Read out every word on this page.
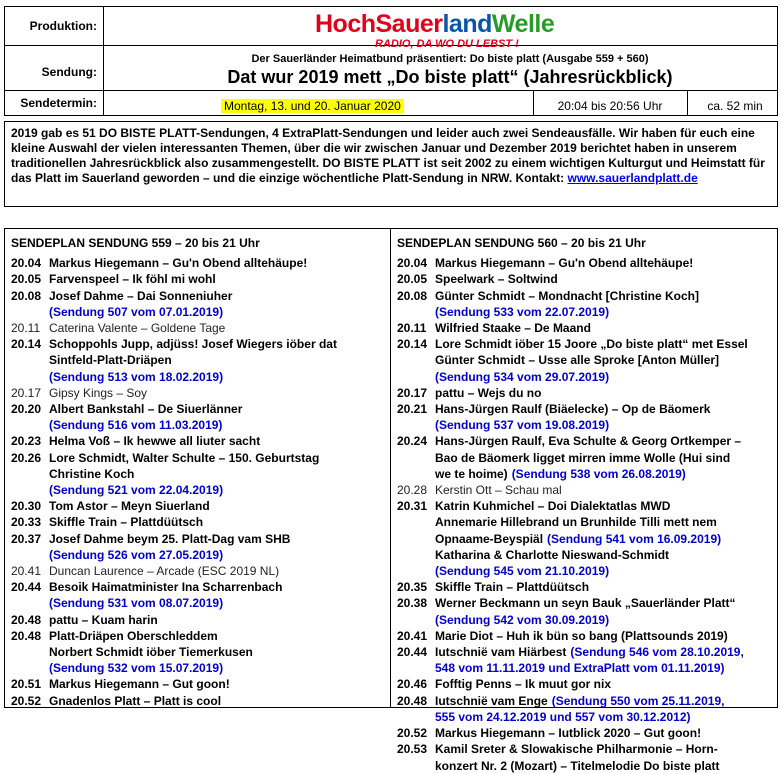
Produktion:
Sendung:
Sendetermin:
HochSauerlandWelle
RADIO, DA WO DU LEBST !
Der Sauerländer Heimatbund präsentiert: Do biste platt (Ausgabe 559 + 560)
Dat wur 2019 mett „Do biste platt“ (Jahresrückblick)
Montag, 13. und 20. Januar 2020	20:04 bis 20:56 Uhr	ca. 52 min
2019 gab es 51 DO BISTE PLATT-Sendungen, 4 ExtraPlatt-Sendungen und leider auch zwei Sendeausfälle. Wir haben für euch eine kleine Auswahl der vielen interessanten Themen, über die wir zwischen Januar und Dezember 2019 berichtet haben in unserem traditionellen Jahresrückblick also zusammengestellt. DO BISTE PLATT ist seit 2002 zu einem wichtigen Kulturgut und Heimstatt für das Platt im Sauerland geworden – und die einzige wöchentliche Platt-Sendung in NRW. Kontakt: www.sauerlandplatt.de
SENDEPLAN SENDUNG 559 – 20 bis 21 Uhr
20.04 Markus Hiegemann – Gu'n Obend alltehäupe!
20.05 Farvenspeel – Ik föhl mi wohl
20.08 Josef Dahme – Dai Sonneniuher
(Sendung 507 vom 07.01.2019)
20.11 Caterina Valente – Goldene Tage
20.14 Schoppohls Jupp, adjüss! Josef Wiegers iöber dat
Sintfeld-Platt-Driäpen
(Sendung 513 vom 18.02.2019)
20.17 Gipsy Kings – Soy
20.20 Albert Bankstahl – De Siuerlänner
(Sendung 516 vom 11.03.2019)
20.23 Helma Voß – Ik hewwe all liuter sacht
20.26 Lore Schmidt, Walter Schulte – 150. Geburtstag
Christine Koch
(Sendung 521 vom 22.04.2019)
20.30 Tom Astor – Meyn Siuerland
20.33 Skiffle Train – Plattdüütsch
20.37 Josef Dahme beym 25. Platt-Dag vam SHB
(Sendung 526 vom 27.05.2019)
20.41 Duncan Laurence – Arcade (ESC 2019 NL)
20.44 Besoik Haimatminister Ina Scharrenbach
(Sendung 531 vom 08.07.2019)
20.48 pattu – Kuam harin
20.48 Platt-Driäpen Oberschleddem
Norbert Schmidt iöber Tiemerkusen
(Sendung 532 vom 15.07.2019)
20.51 Markus Hiegemann – Gut goon!
20.52 Gnadenlos Platt – Platt is cool
SENDEPLAN SENDUNG 560 – 20 bis 21 Uhr
20.04 Markus Hiegemann – Gu'n Obend alltehäupe!
20.05 Speelwark – Soltwind
20.08 Günter Schmidt – Mondnacht [Christine Koch]
(Sendung 533 vom 22.07.2019)
20.11 Wilfried Staake – De Maand
20.14 Lore Schmidt iöber 15 Joore „Do biste platt“ met Essel
Günter Schmidt – Usse alle Sproke [Anton Müller]
(Sendung 534 vom 29.07.2019)
20.17 pattu – Wejs du no
20.21 Hans-Jürgen Raulf (Biäelecke) – Op de Bäomerk
(Sendung 537 vom 19.08.2019)
20.24 Hans-Jürgen Raulf, Eva Schulte & Georg Ortkemper –
Bao de Bäomerk ligget mirren imme Wolle (Hui sind
we te hoime) (Sendung 538 vom 26.08.2019)
20.28 Kerstin Ott – Schau mal
20.31 Katrin Kuhmichel – Doi Dialektatlas MWD
Annemarie Hillebrand un Brunhilde Tilli mett nem
Opnaame-Beyspiäl (Sendung 541 vom 16.09.2019)
Katharina & Charlotte Nieswand-Schmidt
(Sendung 545 vom 21.10.2019)
20.35 Skiffle Train – Plattdüütsch
20.38 Werner Beckmann un seyn Bauk „Sauerländer Platt“
(Sendung 542 vom 30.09.2019)
20.41 Marie Diot – Huh ik bün so bang (Plattsounds 2019)
20.44 Iutschnië vam Hiärbest (Sendung 546 vom 28.10.2019,
548 vom 11.11.2019 und ExtraPlatt vom 01.11.2019)
20.46 Fofftig Penns – Ik muut gor nix
20.48 Iutschnië vam Enge (Sendung 550 vom 25.11.2019,
555 vom 24.12.2019 und 557 vom 30.12.2012)
20.52 Markus Hiegemann – Iutblick 2020 – Gut goon!
20.53 Kamil Sreter & Slowakische Philharmonie – Horn-
konzert Nr. 2 (Mozart) – Titelmelodie Do biste platt
